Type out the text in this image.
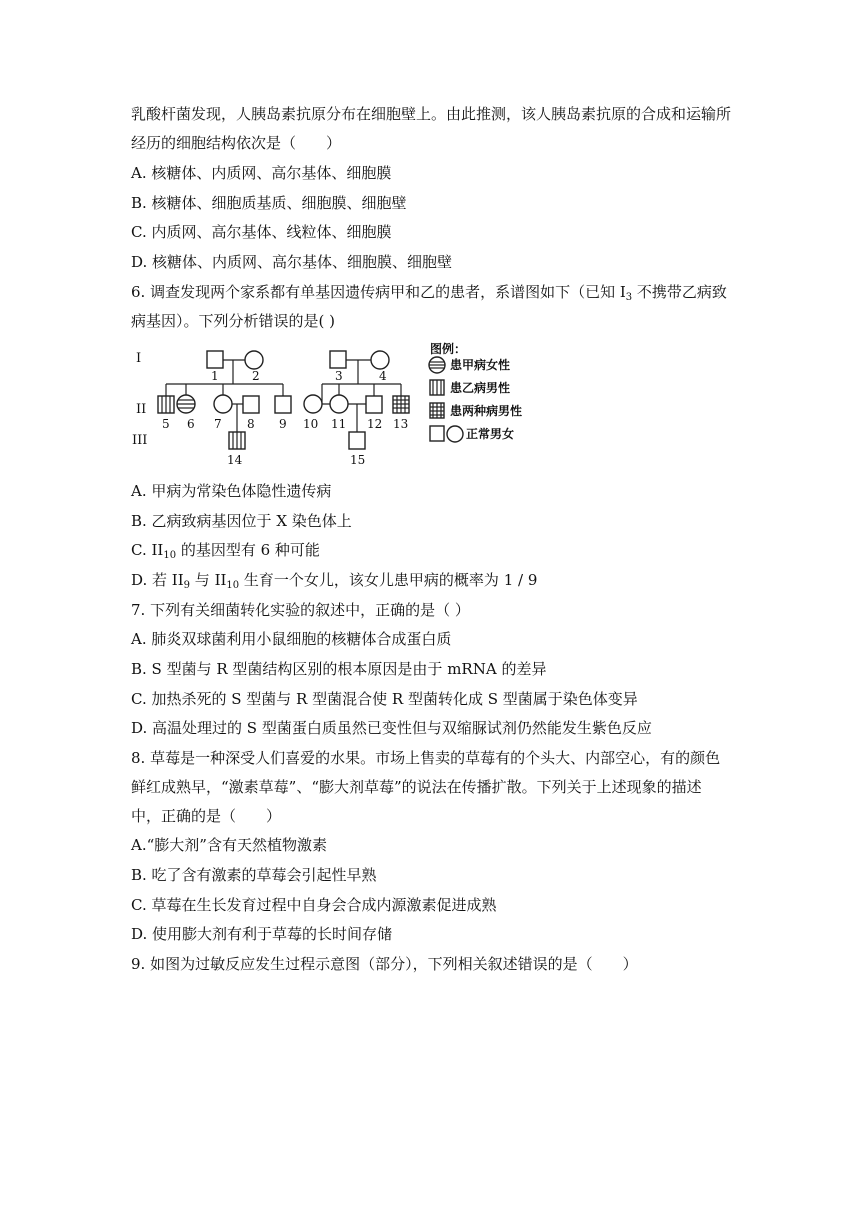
乳酸杆菌发现，人胰岛素抗原分布在细胞壁上。由此推测，该人胰岛素抗原的合成和运输所
经历的细胞结构依次是（　　）
A. 核糖体、内质网、高尔基体、细胞膜
B. 核糖体、细胞质基质、细胞膜、细胞壁
C. 内质网、高尔基体、线粒体、细胞膜
D. 核糖体、内质网、高尔基体、细胞膜、细胞壁
6. 调查发现两个家系都有单基因遗传病甲和乙的患者，系谱图如下（已知 $I_3$ 不携带乙病致
病基因）。下列分析错误的是( )
I
II
III
1	2	3	4
5 6 7 8 9 10 11 12 13
14	15
图例：
患甲病女性
患乙病男性
患两种病男性
正常男女
A. 甲病为常染色体隐性遗传病
B. 乙病致病基因位于 X 染色体上
C. $II_{10}$ 的基因型有 6 种可能
D. 若 $II_9$ 与 $II_{10}$ 生育一个女儿，该女儿患甲病的概率为 1 / 9
7. 下列有关细菌转化实验的叙述中，正确的是（ ）
A. 肺炎双球菌利用小鼠细胞的核糖体合成蛋白质
B. S 型菌与 R 型菌结构区别的根本原因是由于 mRNA 的差异
C. 加热杀死的 S 型菌与 R 型菌混合使 R 型菌转化成 S 型菌属于染色体变异
D. 高温处理过的 S 型菌蛋白质虽然已变性但与双缩脲试剂仍然能发生紫色反应
8. 草莓是一种深受人们喜爱的水果。市场上售卖的草莓有的个头大、内部空心，有的颜色
鲜红成熟早，“激素草莓”、“膨大剂草莓”的说法在传播扩散。下列关于上述现象的描述
中，正确的是（　　）
A.“膨大剂”含有天然植物激素
B. 吃了含有激素的草莓会引起性早熟
C. 草莓在生长发育过程中自身会合成内源激素促进成熟
D. 使用膨大剂有利于草莓的长时间存储
9. 如图为过敏反应发生过程示意图（部分），下列相关叙述错误的是（　　）
